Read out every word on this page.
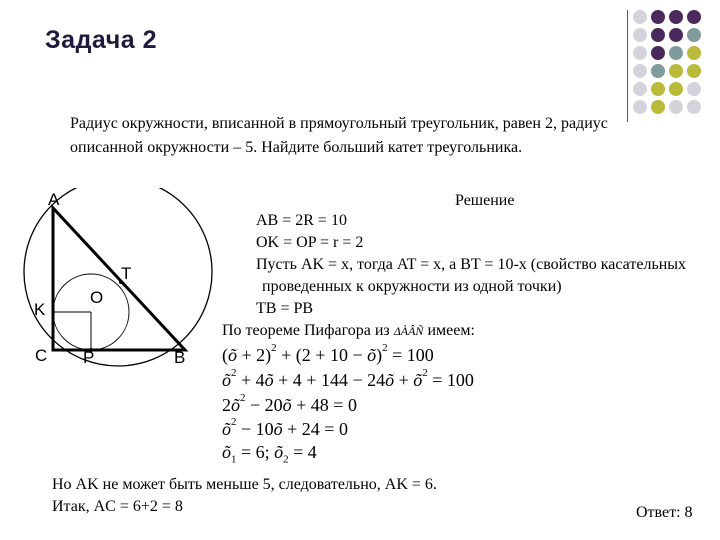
Задача 2
Радиус окружности, вписанной в прямоугольный треугольник, равен 2, радиус
описанной окружности – 5. Найдите больший катет треугольника.
A
T
O
K
C P	B
Решение
AB = 2R = 10
OK = OP = r = 2
Пусть AK = x, тогда AT = x, а BT = 10-x (свойство касательных
проведенных к окружности из одной точки)
TB = PB
По теореме Пифагора из ΔÀÂÑ имеем:
(õ + 2)$^2$ + (2 + 10 − õ)$^2$ = 100
$õ^2$ + 4õ + 4 + 144 − 24õ + $õ^2 = 100$
$2õ^2$ − 20õ + 48 = 0
$õ^2$ − 10õ + 24 = 0
$õ_1 = 6$; $õ_2 = 4$
Но AK не может быть меньше 5, следовательно, AK = 6.
Итак, AC = 6+2 = 8	Ответ: 8
